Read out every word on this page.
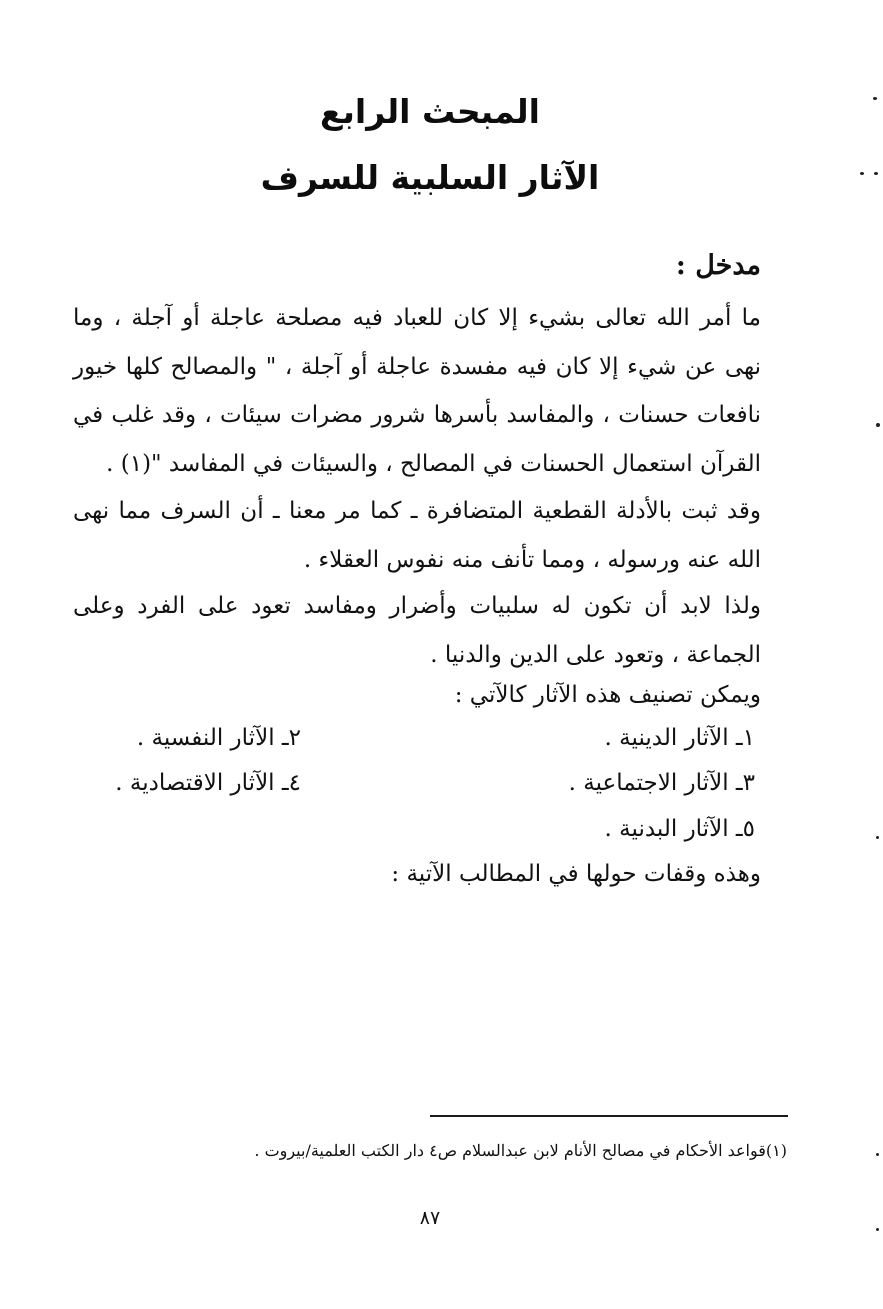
المبحث الرابع
الآثار السلبية للسرف
مدخل :
ما أمر الله تعالى بشيء إلا كان للعباد فيه مصلحة عاجلة أو آجلة ، وما نهى عن شيء إلا كان فيه مفسدة عاجلة أو آجلة ، " والمصالح كلها خيور نافعات حسنات ، والمفاسد بأسرها شرور مضرات سيئات ، وقد غلب في القرآن استعمال الحسنات في المصالح ، والسيئات في المفاسد "(١) .
وقد ثبت بالأدلة القطعية المتضافرة ـ كما مر معنا ـ أن السرف مما نهى الله عنه ورسوله ، ومما تأنف منه نفوس العقلاء .
ولذا لابد أن تكون له سلبيات وأضرار ومفاسد تعود على الفرد وعلى الجماعة ، وتعود على الدين والدنيا .
ويمكن تصنيف هذه الآثار كالآتي :
١ـ الآثار الدينية .
٢ـ الآثار النفسية .
٣ـ الآثار الاجتماعية .
٤ـ الآثار الاقتصادية .
٥ـ الآثار البدنية .
وهذه وقفات حولها في المطالب الآتية :
(١)قواعد الأحكام في مصالح الأنام لابن عبدالسلام ص٤ دار الكتب العلمية/بيروت .
٨٧
